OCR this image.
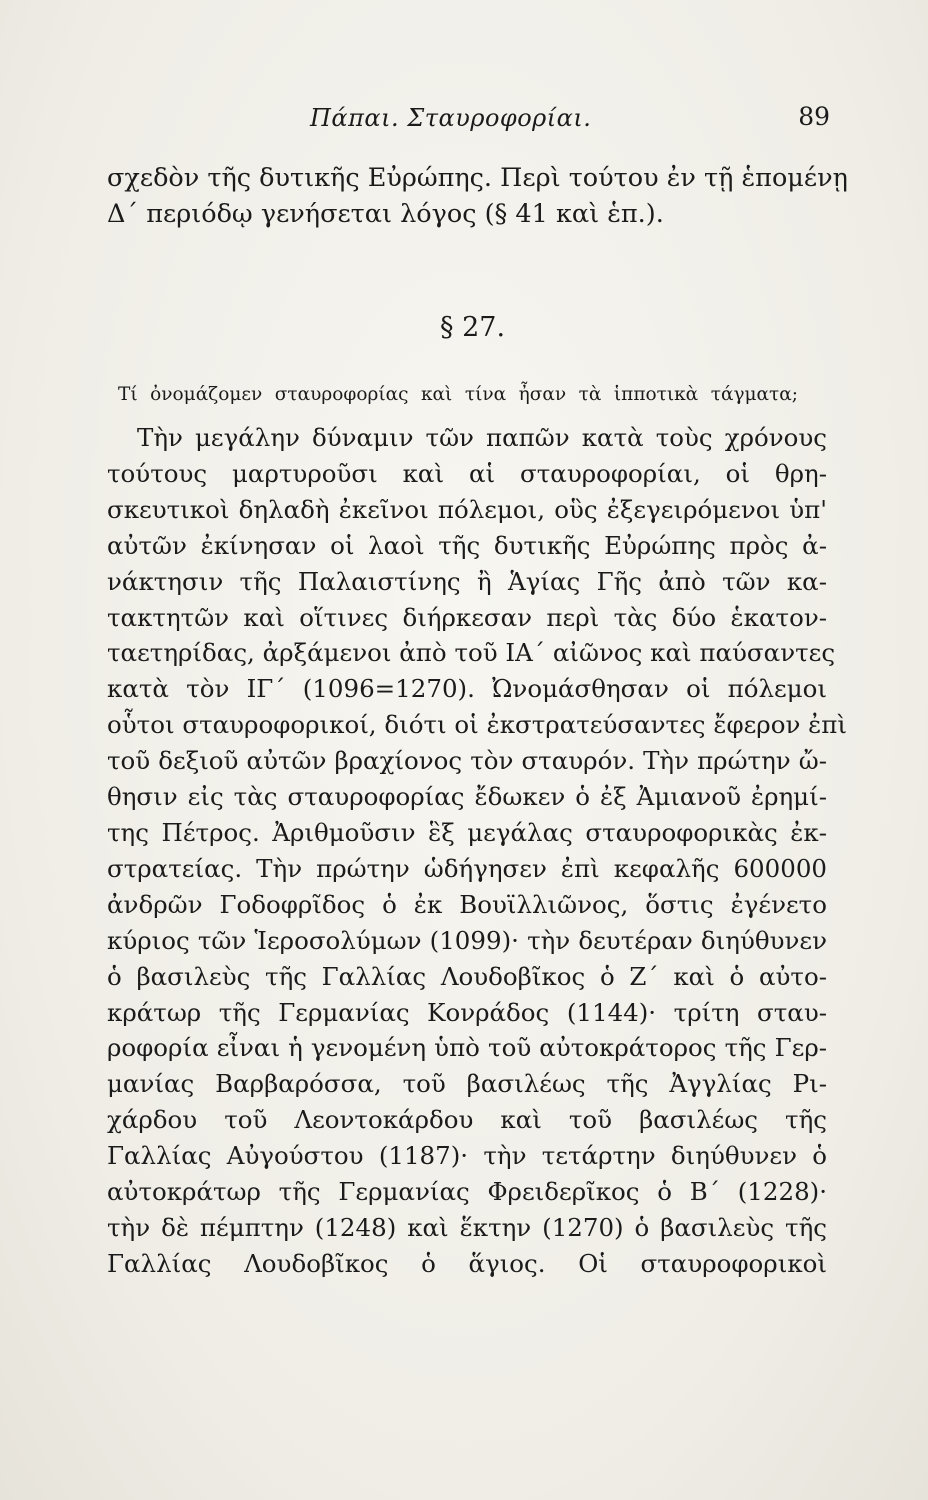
Πάπαι. Σταυροφορίαι.	89
σχεδὸν τῆς δυτικῆς Εὐρώπης. Περὶ τούτου ἐν τῇ ἑπομένῃ
Δ΄ περιόδῳ γενήσεται λόγος (§ 41 καὶ ἑπ.).
§ 27.
Τί ὀνομάζομεν σταυροφορίας καὶ τίνα ἦσαν τὰ ἱπποτικὰ τάγματα;
Τὴν μεγάλην δύναμιν τῶν παπῶν κατὰ τοὺς χρόνους
τούτους μαρτυροῦσι καὶ αἱ σταυροφορίαι, οἱ θρη-
σκευτικοὶ δηλαδὴ ἐκεῖνοι πόλεμοι, οὓς ἐξεγειρόμενοι ὑπ'
αὐτῶν ἐκίνησαν οἱ λαοὶ τῆς δυτικῆς Εὐρώπης πρὸς ἀ-
νάκτησιν τῆς Παλαιστίνης ἢ Ἁγίας Γῆς ἀπὸ τῶν κα-
τακτητῶν καὶ οἵτινες διήρκεσαν περὶ τὰς δύο ἑκατον-
ταετηρίδας, ἀρξάμενοι ἀπὸ τοῦ ΙΑ΄ αἰῶνος καὶ παύσαντες
κατὰ τὸν ΙΓ΄ (1096=1270). Ὠνομάσθησαν οἱ πόλεμοι
οὗτοι σταυροφορικοί, διότι οἱ ἐκστρατεύσαντες ἔφερον ἐπὶ
τοῦ δεξιοῦ αὐτῶν βραχίονος τὸν σταυρόν. Τὴν πρώτην ὤ-
θησιν εἰς τὰς σταυροφορίας ἔδωκεν ὁ ἐξ Ἀμιανοῦ ἐρημί-
της Πέτρος. Ἀριθμοῦσιν ἓξ μεγάλας σταυροφορικὰς ἐκ-
στρατείας. Τὴν πρώτην ὡδήγησεν ἐπὶ κεφαλῆς 600000
ἀνδρῶν Γοδοφρῖδος ὁ ἐκ Βουϊλλιῶνος, ὅστις ἐγένετο
κύριος τῶν Ἱεροσολύμων (1099)· τὴν δευτέραν διηύθυνεν
ὁ βασιλεὺς τῆς Γαλλίας Λουδοβῖκος ὁ Ζ΄ καὶ ὁ αὐτο-
κράτωρ τῆς Γερμανίας Κονράδος (1144)· τρίτη σταυ-
ροφορία εἶναι ἡ γενομένη ὑπὸ τοῦ αὐτοκράτορος τῆς Γερ-
μανίας Βαρβαρόσσα, τοῦ βασιλέως τῆς Ἀγγλίας Ρι-
χάρδου τοῦ Λεοντοκάρδου καὶ τοῦ βασιλέως τῆς
Γαλλίας Αὐγούστου (1187)· τὴν τετάρτην διηύθυνεν ὁ
αὐτοκράτωρ τῆς Γερμανίας Φρειδερῖκος ὁ Β΄ (1228)·
τὴν δὲ πέμπτην (1248) καὶ ἕκτην (1270) ὁ βασιλεὺς τῆς
Γαλλίας Λουδοβῖκος ὁ ἅγιος. Οἱ σταυροφορικοὶ
